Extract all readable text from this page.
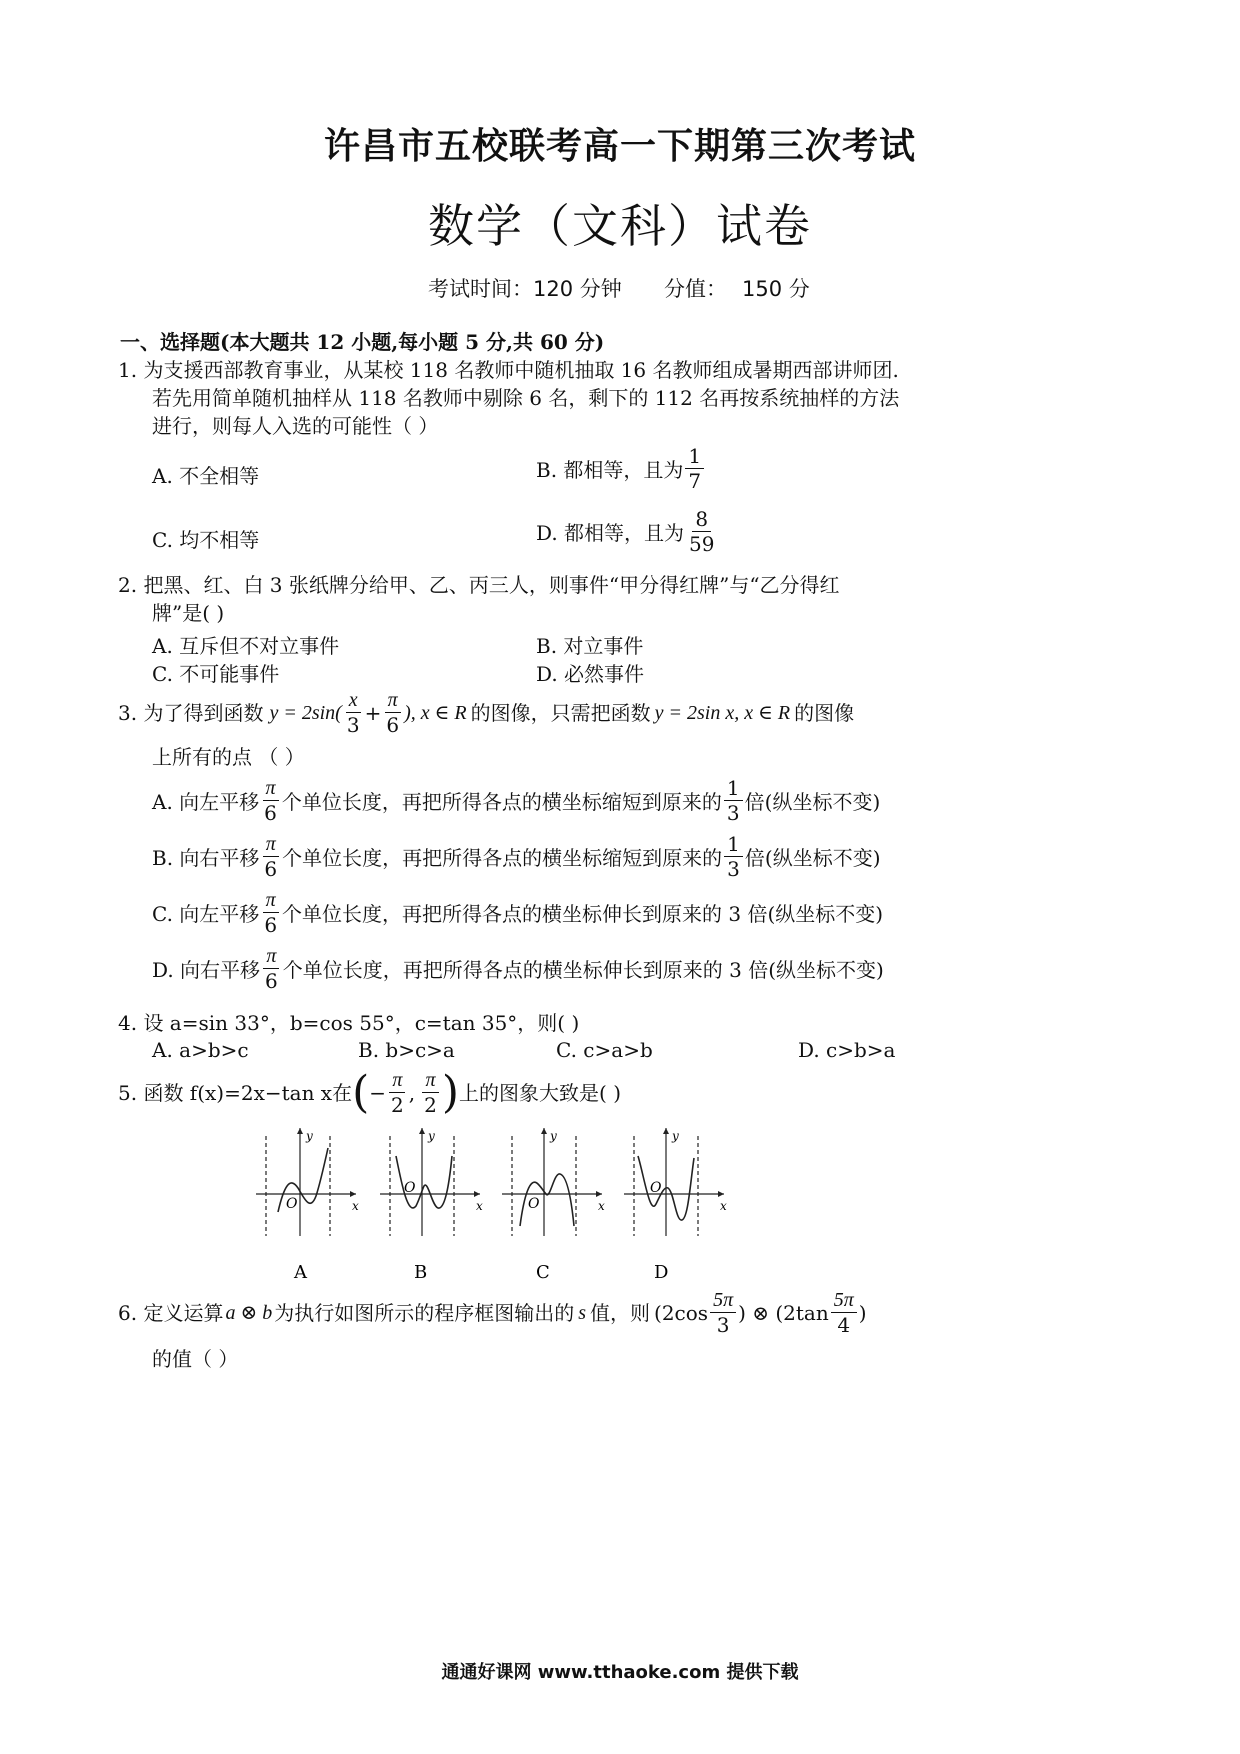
许昌市五校联考高一下期第三次考试
数学（文科）试卷
考试时间：120 分钟 分值： 150 分
一、选择题(本大题共 12 小题,每小题 5 分,共 60 分)
1. 为支援西部教育事业，从某校 118 名教师中随机抽取 16 名教师组成暑期西部讲师团.
若先用简单随机抽样从 118 名教师中剔除 6 名，剩下的 112 名再按系统抽样的方法
进行，则每人入选的可能性（ ）
A. 不全相等	B. 都相等，且为 $\frac{1}{7}$
C. 均不相等	D. 都相等，且为 $\frac{8}{59}$
2. 把黑、红、白 3 张纸牌分给甲、乙、丙三人，则事件“甲分得红牌”与“乙分得红
牌”是( )
A. 互斥但不对立事件	B. 对立事件
C. 不可能事件	D. 必然事件
3. 为了得到函数 $y = 2\sin( \frac{x}{3} + \frac{\pi}{6}$ ), x ∈ R 的图像，只需把函数 y = 2sin x, x ∈ R 的图像
上所有的点 （ ）
A. 向左平移 $\frac{\pi}{6}$ 个单位长度，再把所得各点的横坐标缩短到原来的 $\frac{1}{3}$ 倍(纵坐标不变)
B. 向右平移 $\frac{\pi}{6}$ 个单位长度，再把所得各点的横坐标缩短到原来的 $\frac{1}{3}$ 倍(纵坐标不变)
C. 向左平移 $\frac{\pi}{6}$ 个单位长度，再把所得各点的横坐标伸长到原来的 3 倍(纵坐标不变)
D. 向右平移 $\frac{\pi}{6}$ 个单位长度，再把所得各点的横坐标伸长到原来的 3 倍(纵坐标不变)
4. 设 a=sin 33°，b=cos 55°，c=tan 35°，则( )
A. a>b>c	B. b>c>a	C. c>a>b	D. c>b>a
5. 函数 f(x)=2x−tan x在 ( − $\frac{\pi}{2}$ , $\frac{\pi}{2}$ ) 上的图象大致是( )
y
x
O
A
y
x
O
B
y
x
O
C
y
x
O
D
6. 定义运算 a ⊗ b 为执行如图所示的程序框图输出的 s 值，则 ($2\cos \frac{5\pi}{3}$ ) ⊗ ($2\tan \frac{5\pi}{4}$ )
的值（ ）
通通好课网 www.tthaoke.com 提供下载
